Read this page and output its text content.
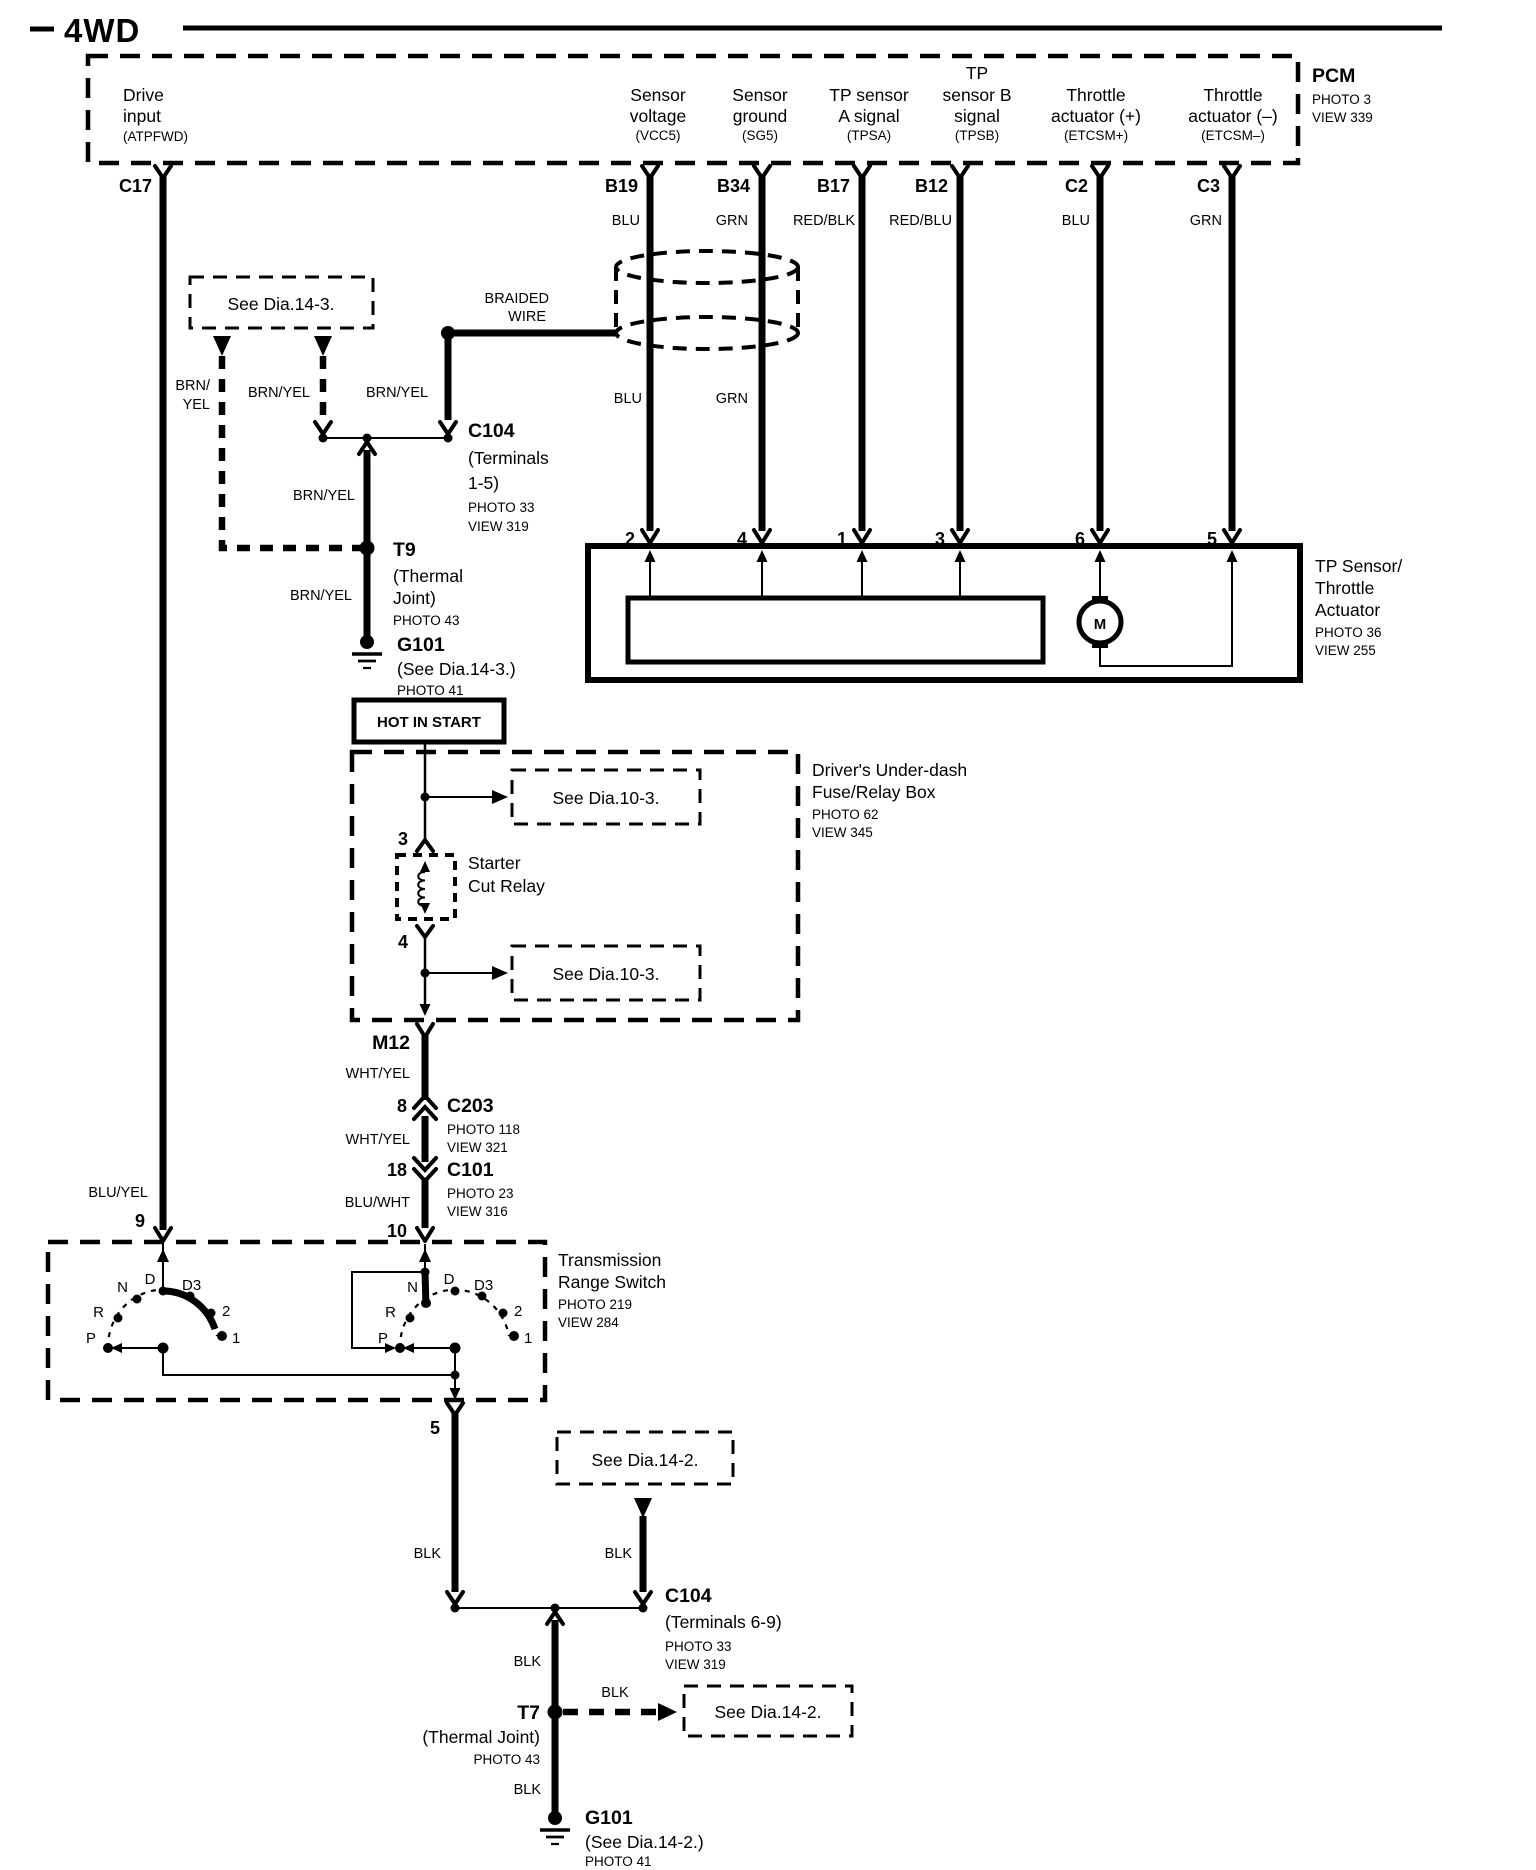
4WD
PCM
PHOTO 3
VIEW 339
Drive
input
(ATPFWD)
Sensor
voltage
(VCC5)
Sensor
ground
(SG5)
TP sensor
A signal
(TPSA)
TP
sensor B
signal
(TPSB)
Throttle
actuator (+)
(ETCSM+)
Throttle
actuator (–)
(ETCSM–)
C17	B19	B34	B17	B12	C2	C3
BLU	GRN	RED/BLK RED/BLU	BLU	GRN
BRAIDED
WIRE
BLU	GRN
See Dia.14-3.
BRN/
YEL
BRN/YEL	BRN/YEL
C104
(Terminals
1-5)
PHOTO 33
VIEW 319
BRN/YEL
T9
(Thermal
Joint)
PHOTO 43
BRN/YEL
G101
(See Dia.14-3.)
PHOTO 41
2	4	1	3	6	5
M
TP Sensor/
Throttle
Actuator
PHOTO 36
VIEW 255
HOT IN START
Driver's Under-dash
Fuse/Relay Box
PHOTO 62
VIEW 345
See Dia.10-3.
3
Starter
Cut Relay
4
See Dia.10-3.
M12
WHT/YEL
8 C203
PHOTO 118
VIEW 321
WHT/YEL
18 C101
PHOTO 23
VIEW 316
BLU/WHT
10
BLU/YEL
9
Transmission
Range Switch
PHOTO 219
VIEW 284
P
R
N D D3
2
1	P
R
N D D3
2
1
5
BLK
See Dia.14-2.
BLK
C104
(Terminals 6-9)
PHOTO 33
VIEW 319
BLK
T7
(Thermal Joint)
PHOTO 43
BLK
See Dia.14-2.
BLK
G101
(See Dia.14-2.)
PHOTO 41
